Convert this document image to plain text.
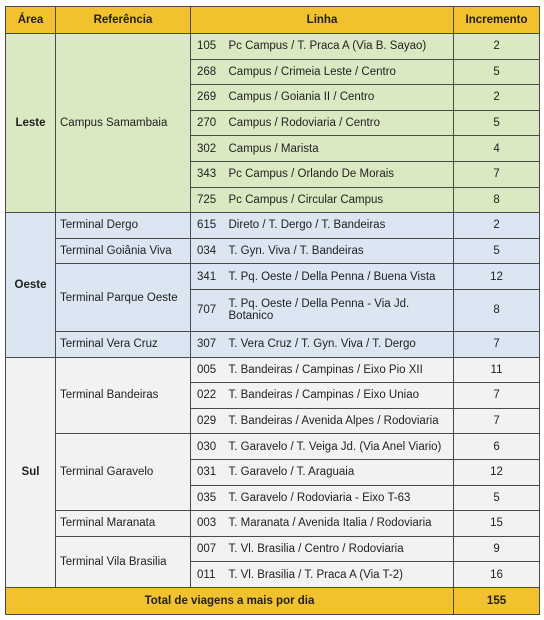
Área	Referência	Linha		Incremento
Leste	Campus Samambaia	105	Pc Campus / T. Praca A (Via B. Sayao)	2
		268	Campus / Crimeia Leste / Centro	5
		269	Campus / Goiania II / Centro	2
		270	Campus / Rodoviaria / Centro	5
		302	Campus / Marista	4
		343	Pc Campus / Orlando De Morais	7
		725	Pc Campus / Circular Campus	8
Oeste	Terminal Dergo	615	Direto / T. Dergo / T. Bandeiras	2
	Terminal Goiânia Viva	034	T. Gyn. Viva / T. Bandeiras	5
	Terminal Parque Oeste	341	T. Pq. Oeste / Della Penna / Buena Vista	12
		707	T. Pq. Oeste / Della Penna - Via Jd. Botanico	8
	Terminal Vera Cruz	307	T. Vera Cruz / T. Gyn. Viva / T. Dergo	7
Sul	Terminal Bandeiras	005	T. Bandeiras / Campinas / Eixo Pio XII	11
		022	T. Bandeiras / Campinas / Eixo Uniao	7
		029	T. Bandeiras / Avenida Alpes / Rodoviaria	7
	Terminal Garavelo	030	T. Garavelo / T. Veiga Jd. (Via Anel Viario)	6
		031	T. Garavelo / T. Araguaia	12
		035	T. Garavelo / Rodoviaria - Eixo T-63	5
	Terminal Maranata	003	T. Maranata / Avenida Italia / Rodoviaria	15
	Terminal Vila Brasilia	007	T. Vl. Brasilia / Centro / Rodoviaria	9
		011	T. Vl. Brasilia / T. Praca A (Via T-2)	16
Total de viagens a mais por dia				155
